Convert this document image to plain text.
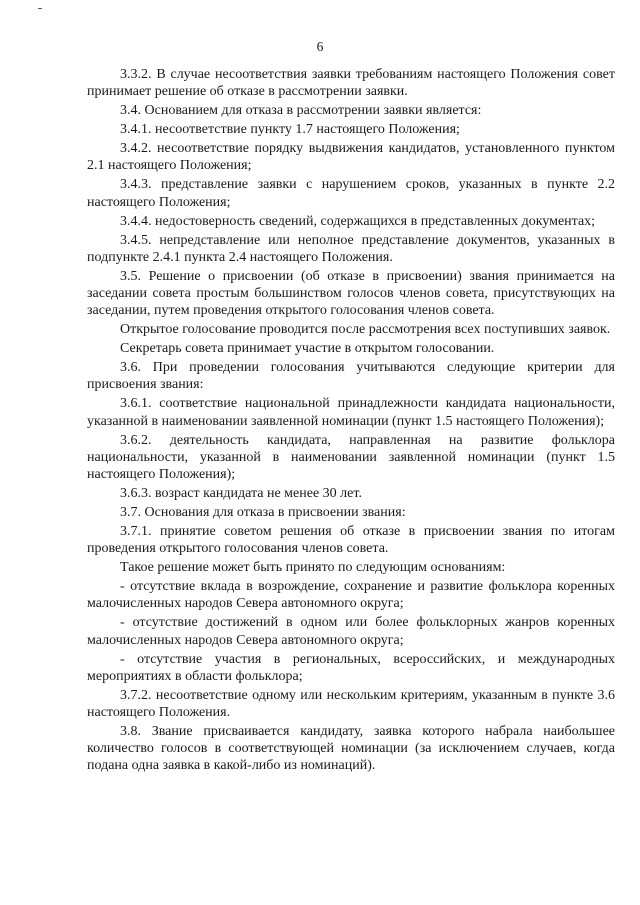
6

3.3.2. В случае несоответствия заявки требованиям настоящего Положения совет принимает решение об отказе в рассмотрении заявки.

3.4. Основанием для отказа в рассмотрении заявки является:

3.4.1. несоответствие пункту 1.7 настоящего Положения;

3.4.2. несоответствие порядку выдвижения кандидатов, установленного пунктом 2.1 настоящего Положения;

3.4.3. представление заявки с нарушением сроков, указанных в пункте 2.2 настоящего Положения;

3.4.4. недостоверность сведений, содержащихся в представленных документах;

3.4.5. непредставление или неполное представление документов, указанных в подпункте 2.4.1 пункта 2.4 настоящего Положения.

3.5. Решение о присвоении (об отказе в присвоении) звания принимается на заседании совета простым большинством голосов членов совета, присутствующих на заседании, путем проведения открытого голосования членов совета.

Открытое голосование проводится после рассмотрения всех поступивших заявок.

Секретарь совета принимает участие в открытом голосовании.

3.6. При проведении голосования учитываются следующие критерии для присвоения звания:

3.6.1. соответствие национальной принадлежности кандидата национальности, указанной в наименовании заявленной номинации (пункт 1.5 настоящего Положения);

3.6.2. деятельность кандидата, направленная на развитие фольклора национальности, указанной в наименовании заявленной номинации (пункт 1.5 настоящего Положения);

3.6.3. возраст кандидата не менее 30 лет.

3.7. Основания для отказа в присвоении звания:

3.7.1. принятие советом решения об отказе в присвоении звания по итогам проведения открытого голосования членов совета.

Такое решение может быть принято по следующим основаниям:

- отсутствие вклада в возрождение, сохранение и развитие фольклора коренных малочисленных народов Севера автономного округа;

- отсутствие достижений в одном или более фольклорных жанров коренных малочисленных народов Севера автономного округа;

- отсутствие участия в региональных, всероссийских, и международных мероприятиях в области фольклора;

3.7.2. несоответствие одному или нескольким критериям, указанным в пункте 3.6 настоящего Положения.

3.8. Звание присваивается кандидату, заявка которого набрала наибольшее количество голосов в соответствующей номинации (за исключением случаев, когда подана одна заявка в какой-либо из номинаций).
